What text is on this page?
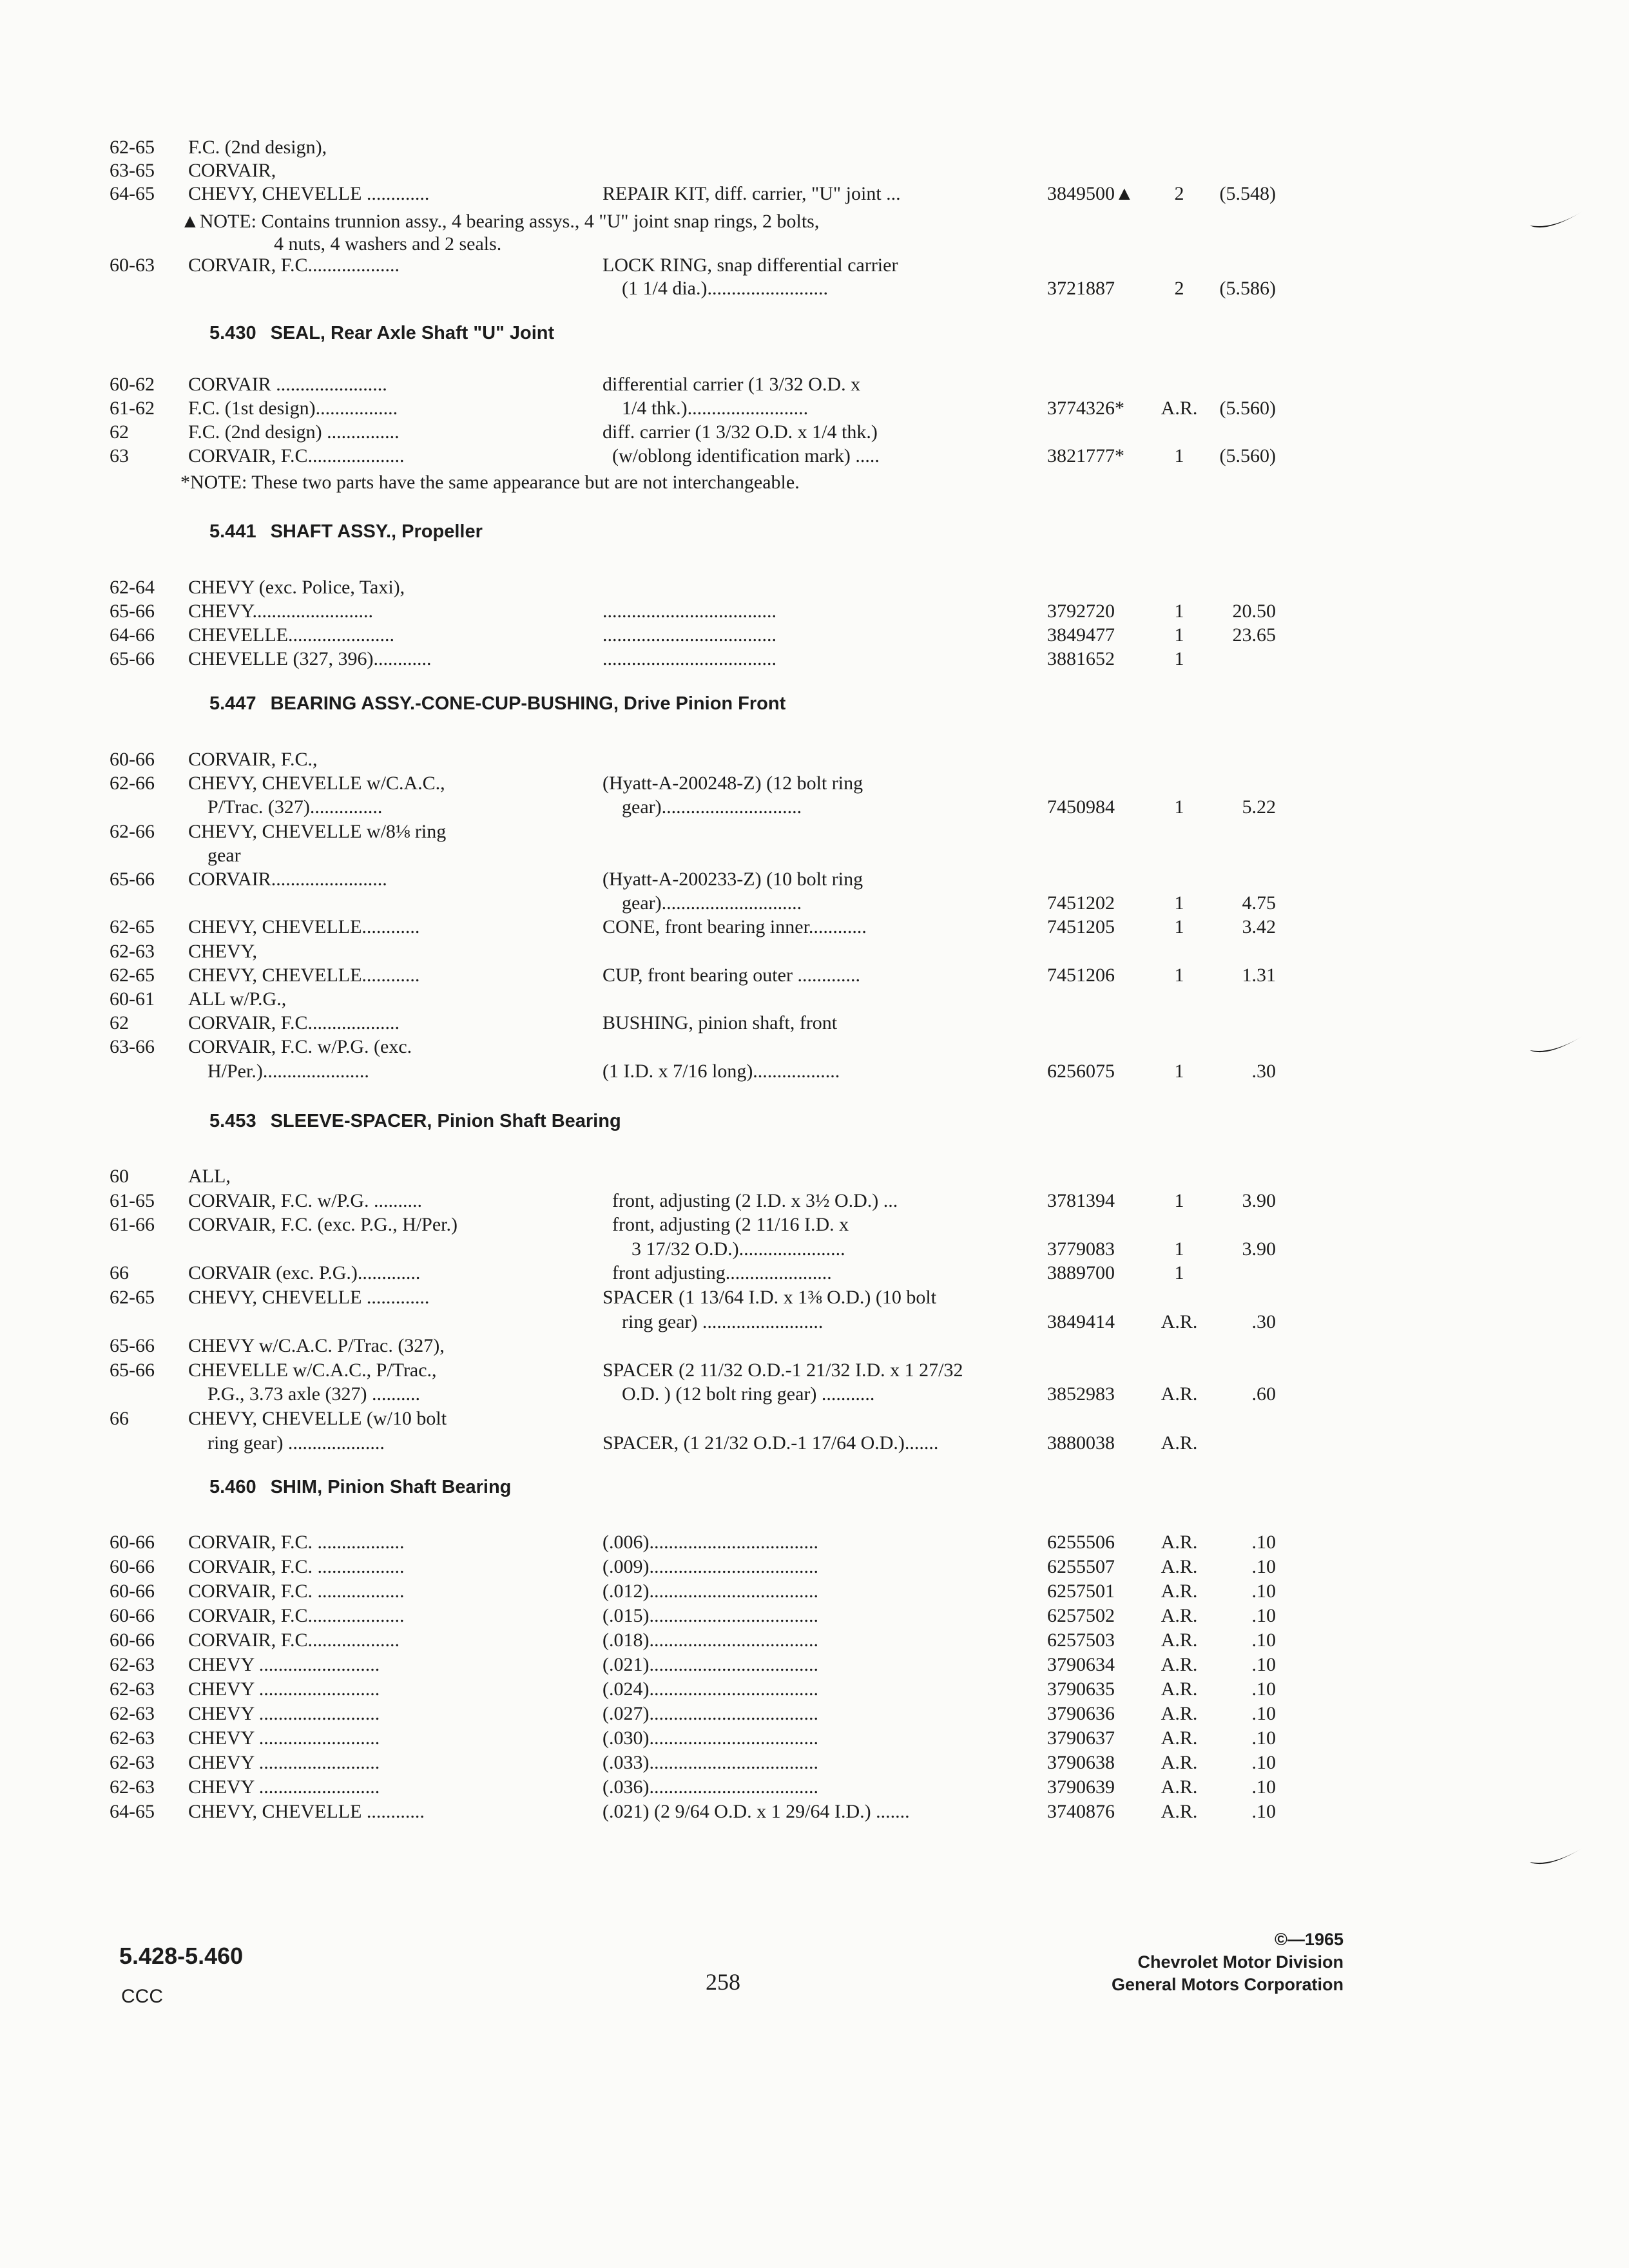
62-65	F.C. (2nd design),
63-65	CORVAIR,
64-65	CHEVY, CHEVELLE .............	REPAIR KIT, diff. carrier, "U" joint ...	3849500▲	2	(5.548)
▲NOTE: Contains trunnion assy., 4 bearing assys., 4 "U" joint snap rings, 2 bolts,
4 nuts, 4 washers and 2 seals.
60-63	CORVAIR, F.C...................	LOCK RING, snap differential carrier
(1 1/4 dia.).........................	3721887	2	(5.586)
5.430 SEAL, Rear Axle Shaft "U" Joint
60-62	CORVAIR .......................	differential carrier (1 3/32 O.D. x
61-62	F.C. (1st design).................	1/4 thk.).........................	3774326*	A.R.	(5.560)
62	F.C. (2nd design) ...............	diff. carrier (1 3/32 O.D. x 1/4 thk.)
63	CORVAIR, F.C....................	(w/oblong identification mark) .....	3821777*	1	(5.560)
*NOTE: These two parts have the same appearance but are not interchangeable.
5.441 SHAFT ASSY., Propeller
62-64	CHEVY (exc. Police, Taxi),
65-66	CHEVY.........................	....................................	3792720	1	20.50
64-66	CHEVELLE......................	....................................	3849477	1	23.65
65-66	CHEVELLE (327, 396)............	....................................	3881652	1
5.447 BEARING ASSY.-CONE-CUP-BUSHING, Drive Pinion Front
60-66	CORVAIR, F.C.,
62-66	CHEVY, CHEVELLE w/C.A.C.,	(Hyatt-A-200248-Z) (12 bolt ring
P/Trac. (327)...............	gear).............................	7450984	1	5.22
62-66	CHEVY, CHEVELLE w/8⅛ ring
gear
65-66	CORVAIR........................	(Hyatt-A-200233-Z) (10 bolt ring
gear).............................	7451202	1	4.75
62-65	CHEVY, CHEVELLE............	CONE, front bearing inner............	7451205	1	3.42
62-63	CHEVY,
62-65	CHEVY, CHEVELLE............	CUP, front bearing outer .............	7451206	1	1.31
60-61	ALL w/P.G.,
62	CORVAIR, F.C...................	BUSHING, pinion shaft, front
63-66	CORVAIR, F.C. w/P.G. (exc.
H/Per.)......................	(1 I.D. x 7/16 long)..................	6256075	1	.30
5.453 SLEEVE-SPACER, Pinion Shaft Bearing
60	ALL,
61-65	CORVAIR, F.C. w/P.G. ..........	front, adjusting (2 I.D. x 3½ O.D.) ...	3781394	1	3.90
61-66	CORVAIR, F.C. (exc. P.G., H/Per.)	front, adjusting (2 11/16 I.D. x
3 17/32 O.D.)......................	3779083	1	3.90
66	CORVAIR (exc. P.G.).............	front adjusting......................	3889700	1
62-65	CHEVY, CHEVELLE .............	SPACER (1 13/64 I.D. x 1⅜ O.D.) (10 bolt
ring gear) .........................	3849414	A.R.	.30
65-66	CHEVY w/C.A.C. P/Trac. (327),
65-66	CHEVELLE w/C.A.C., P/Trac.,	SPACER (2 11/32 O.D.-1 21/32 I.D. x 1 27/32
P.G., 3.73 axle (327) ..........	O.D. ) (12 bolt ring gear) ...........	3852983	A.R.	.60
66	CHEVY, CHEVELLE (w/10 bolt
ring gear) ....................	SPACER, (1 21/32 O.D.-1 17/64 O.D.).......	3880038	A.R.
5.460 SHIM, Pinion Shaft Bearing
60-66	CORVAIR, F.C. ..................	(.006)...................................	6255506	A.R.	.10
60-66	CORVAIR, F.C. ..................	(.009)...................................	6255507	A.R.	.10
60-66	CORVAIR, F.C. ..................	(.012)...................................	6257501	A.R.	.10
60-66	CORVAIR, F.C....................	(.015)...................................	6257502	A.R.	.10
60-66	CORVAIR, F.C...................	(.018)...................................	6257503	A.R.	.10
62-63	CHEVY .........................	(.021)...................................	3790634	A.R.	.10
62-63	CHEVY .........................	(.024)...................................	3790635	A.R.	.10
62-63	CHEVY .........................	(.027)...................................	3790636	A.R.	.10
62-63	CHEVY .........................	(.030)...................................	3790637	A.R.	.10
62-63	CHEVY .........................	(.033)...................................	3790638	A.R.	.10
62-63	CHEVY .........................	(.036)...................................	3790639	A.R.	.10
64-65	CHEVY, CHEVELLE ............	(.021) (2 9/64 O.D. x 1 29/64 I.D.) .......	3740876	A.R.	.10
5.428-5.460
CCC
258
©—1965
Chevrolet Motor Division
General Motors Corporation
